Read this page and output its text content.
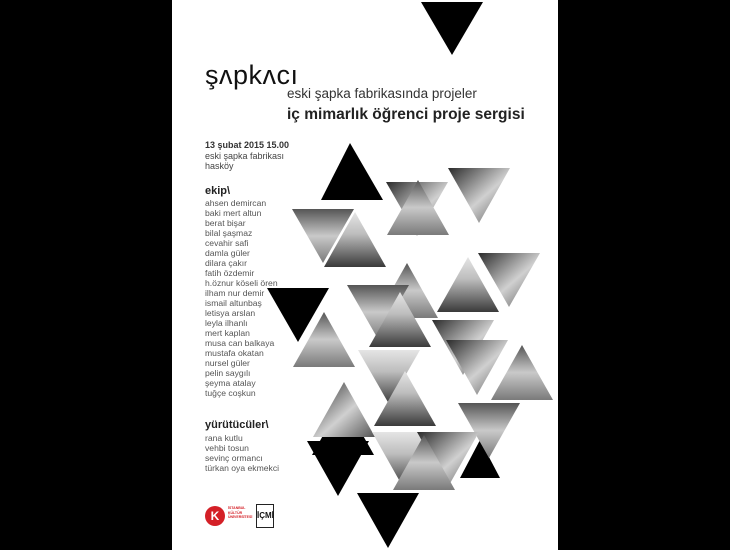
şʌpkʌcı
eski şapka fabrikasında projeler
iç mimarlık öğrenci proje sergisi
13 şubat 2015 15.00
eski şapka fabrikası
hasköy
ekip\
ahsen demircan
baki mert altun
berat bişar
bilal şaşmaz
cevahir safi
damla güler
dilara çakır
fatih özdemir
h.öznur köseli ören
ilham nur demir
ismail altunbaş
letisya arslan
leyla ilhanlı
mert kaplan
musa can balkaya
mustafa okatan
nursel güler
pelin saygılı
şeyma atalay
tuğçe coşkun
yürütücüler\
rana kutlu
vehbi tosun
sevinç ormancı
türkan oya ekmekci
K
İSTANBUL KÜLTÜR ÜNİVERSİTESİ İÇMİ
